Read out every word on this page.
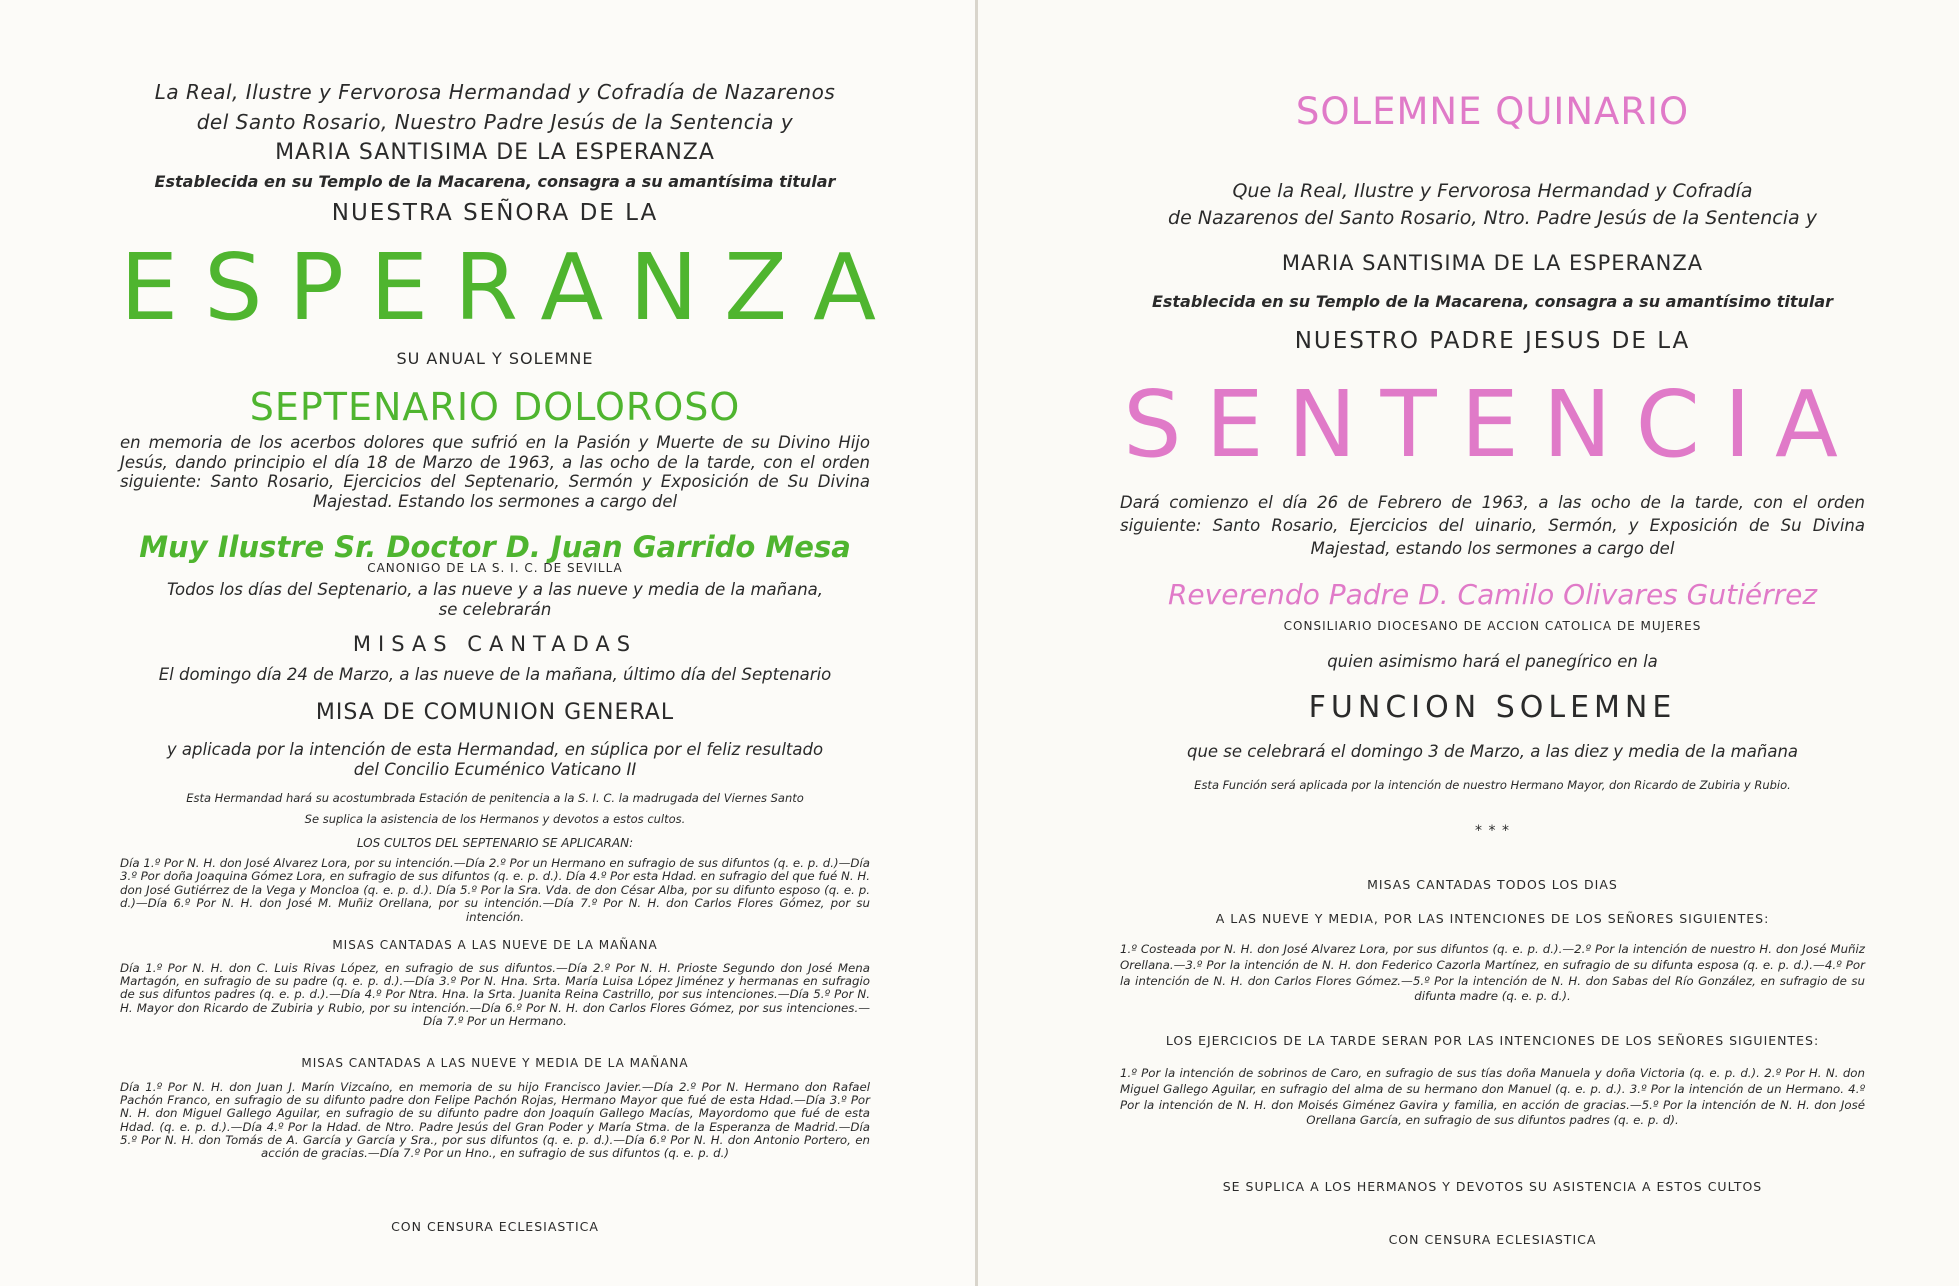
La Real, Ilustre y Fervorosa Hermandad y Cofradía de Nazarenos

del Santo Rosario, Nuestro Padre Jesús de la Sentencia y

MARIA SANTISIMA DE LA ESPERANZA

Establecida en su Templo de la Macarena, consagra a su amantísima titular

NUESTRA SEÑORA DE LA

ESPERANZA

SU ANUAL Y SOLEMNE

SEPTENARIO DOLOROSO

en memoria de los acerbos dolores que sufrió en la Pasión y Muerte de su Divino Hijo Jesús, dando principio el día 18 de Marzo de 1963, a las ocho de la tarde, con el orden siguiente: Santo Rosario, Ejercicios del Septenario, Sermón y Exposición de Su Divina Majestad. Estando los sermones a cargo del

Muy Ilustre Sr. Doctor D. Juan Garrido Mesa

CANONIGO DE LA S. I. C. DE SEVILLA

Todos los días del Septenario, a las nueve y a las nueve y media de la mañana,

se celebrarán

MISAS CANTADAS

El domingo día 24 de Marzo, a las nueve de la mañana, último día del Septenario

MISA DE COMUNION GENERAL

y aplicada por la intención de esta Hermandad, en súplica por el feliz resultado

del Concilio Ecuménico Vaticano II

Esta Hermandad hará su acostumbrada Estación de penitencia a la S. I. C. la madrugada del Viernes Santo

Se suplica la asistencia de los Hermanos y devotos a estos cultos.

LOS CULTOS DEL SEPTENARIO SE APLICARAN:

Día 1.º Por N. H. don José Alvarez Lora, por su intención.—Día 2.º Por un Hermano en sufragio de sus difuntos (q. e. p. d.)—Día 3.º Por doña Joaquina Gómez Lora, en sufragio de sus difuntos (q. e. p. d.). Día 4.º Por esta Hdad. en sufragio del que fué N. H. don José Gutiérrez de la Vega y Moncloa (q. e. p. d.). Día 5.º Por la Sra. Vda. de don César Alba, por su difunto esposo (q. e. p. d.)—Día 6.º Por N. H. don José M. Muñiz Orellana, por su intención.—Día 7.º Por N. H. don Carlos Flores Gómez, por su intención.

MISAS CANTADAS A LAS NUEVE DE LA MAÑANA

Día 1.º Por N. H. don C. Luis Rivas López, en sufragio de sus difuntos.—Día 2.º Por N. H. Prioste Segundo don José Mena Martagón, en sufragio de su padre (q. e. p. d.).—Día 3.º Por N. Hna. Srta. María Luisa López Jiménez y hermanas en sufragio de sus difuntos padres (q. e. p. d.).—Día 4.º Por Ntra. Hna. la Srta. Juanita Reina Castrillo, por sus intenciones.—Día 5.º Por N. H. Mayor don Ricardo de Zubiria y Rubio, por su intención.—Día 6.º Por N. H. don Carlos Flores Gómez, por sus intenciones.—Día 7.º Por un Hermano.

MISAS CANTADAS A LAS NUEVE Y MEDIA DE LA MAÑANA

Día 1.º Por N. H. don Juan J. Marín Vizcaíno, en memoria de su hijo Francisco Javier.—Día 2.º Por N. Hermano don Rafael Pachón Franco, en sufragio de su difunto padre don Felipe Pachón Rojas, Hermano Mayor que fué de esta Hdad.—Día 3.º Por N. H. don Miguel Gallego Aguilar, en sufragio de su difunto padre don Joaquín Gallego Macías, Mayordomo que fué de esta Hdad. (q. e. p. d.).—Día 4.º Por la Hdad. de Ntro. Padre Jesús del Gran Poder y María Stma. de la Esperanza de Madrid.—Día 5.º Por N. H. don Tomás de A. García y García y Sra., por sus difuntos (q. e. p. d.).—Día 6.º Por N. H. don Antonio Portero, en acción de gracias.—Día 7.º Por un Hno., en sufragio de sus difuntos (q. e. p. d.)

CON CENSURA ECLESIASTICA

SOLEMNE QUINARIO

Que la Real, Ilustre y Fervorosa Hermandad y Cofradía

de Nazarenos del Santo Rosario, Ntro. Padre Jesús de la Sentencia y

MARIA SANTISIMA DE LA ESPERANZA

Establecida en su Templo de la Macarena, consagra a su amantísimo titular

NUESTRO PADRE JESUS DE LA

SENTENCIA

Dará comienzo el día 26 de Febrero de 1963, a las ocho de la tarde, con el orden siguiente: Santo Rosario, Ejercicios del uinario, Sermón, y Exposición de Su Divina Majestad, estando los sermones a cargo del

Reverendo Padre D. Camilo Olivares Gutiérrez

CONSILIARIO DIOCESANO DE ACCION CATOLICA DE MUJERES

quien asimismo hará el panegírico en la

FUNCION SOLEMNE

que se celebrará el domingo 3 de Marzo, a las diez y media de la mañana

Esta Función será aplicada por la intención de nuestro Hermano Mayor, don Ricardo de Zubiria y Rubio.

* * *

MISAS CANTADAS TODOS LOS DIAS

A LAS NUEVE Y MEDIA, POR LAS INTENCIONES DE LOS SEÑORES SIGUIENTES:

1.º Costeada por N. H. don José Alvarez Lora, por sus difuntos (q. e. p. d.).—2.º Por la intención de nuestro H. don José Muñiz Orellana.—3.º Por la intención de N. H. don Federico Cazorla Martínez, en sufragio de su difunta esposa (q. e. p. d.).—4.º Por la intención de N. H. don Carlos Flores Gómez.—5.º Por la intención de N. H. don Sabas del Río González, en sufragio de su difunta madre (q. e. p. d.).

LOS EJERCICIOS DE LA TARDE SERAN POR LAS INTENCIONES DE LOS SEÑORES SIGUIENTES:

1.º Por la intención de sobrinos de Caro, en sufragio de sus tías doña Manuela y doña Victoria (q. e. p. d.). 2.º Por H. N. don Miguel Gallego Aguilar, en sufragio del alma de su hermano don Manuel (q. e. p. d.). 3.º Por la intención de un Hermano. 4.º Por la intención de N. H. don Moisés Giménez Gavira y familia, en acción de gracias.—5.º Por la intención de N. H. don José Orellana García, en sufragio de sus difuntos padres (q. e. p. d).

SE SUPLICA A LOS HERMANOS Y DEVOTOS SU ASISTENCIA A ESTOS CULTOS

CON CENSURA ECLESIASTICA
